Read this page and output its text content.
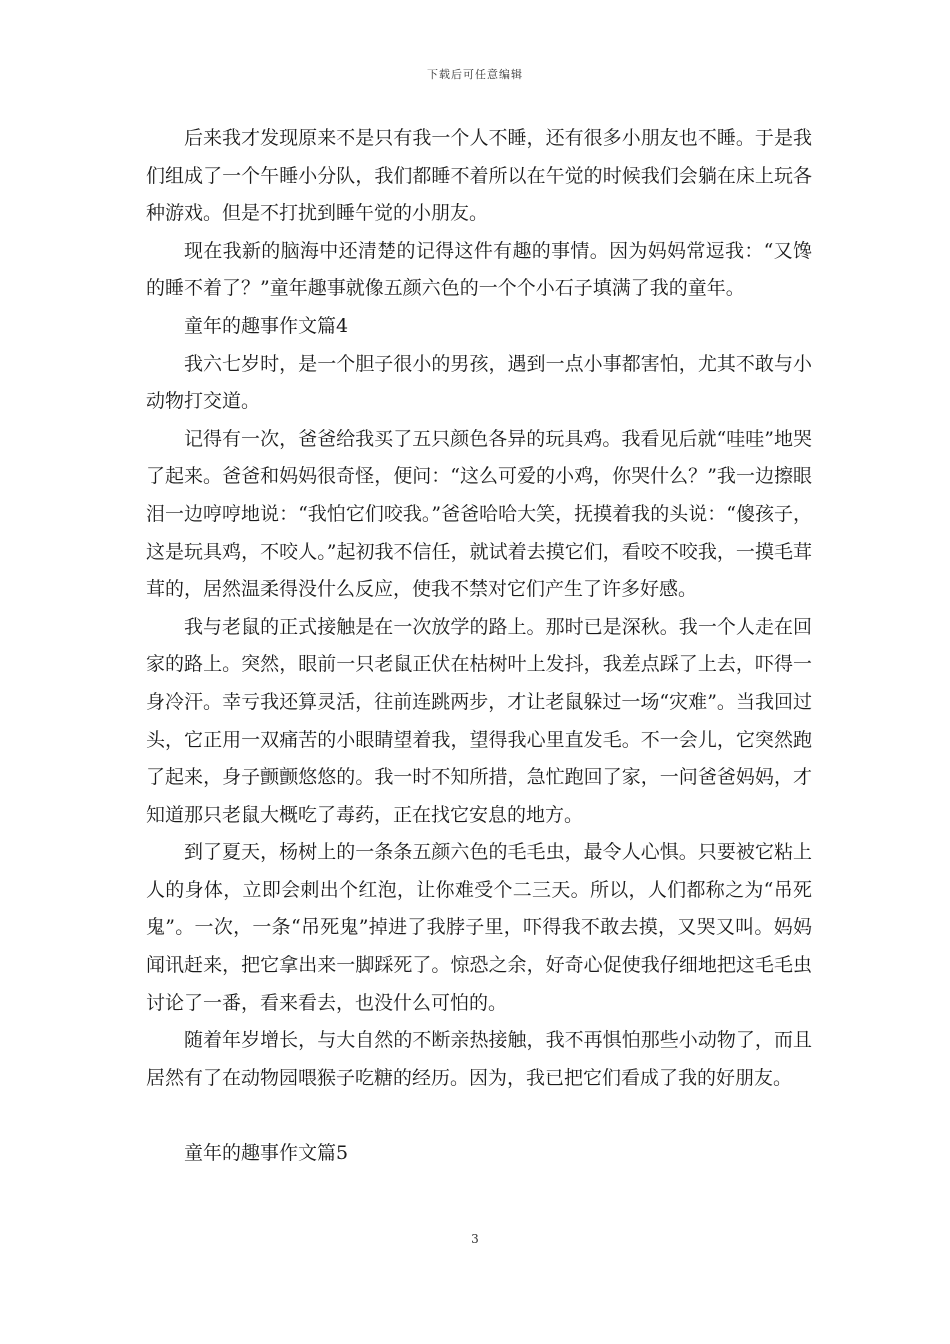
下载后可任意编辑

后来我才发现原来不是只有我一个人不睡，还有很多小朋友也不睡。于是我们组成了一个午睡小分队，我们都睡不着所以在午觉的时候我们会躺在床上玩各种游戏。但是不打扰到睡午觉的小朋友。

现在我新的脑海中还清楚的记得这件有趣的事情。因为妈妈常逗我：“又馋的睡不着了？”童年趣事就像五颜六色的一个个小石子填满了我的童年。

童年的趣事作文篇4

我六七岁时，是一个胆子很小的男孩，遇到一点小事都害怕，尤其不敢与小动物打交道。

记得有一次，爸爸给我买了五只颜色各异的玩具鸡。我看见后就“哇哇”地哭了起来。爸爸和妈妈很奇怪，便问：“这么可爱的小鸡，你哭什么？”我一边擦眼泪一边哼哼地说：“我怕它们咬我。”爸爸哈哈大笑，抚摸着我的头说：“傻孩子，这是玩具鸡，不咬人。”起初我不信任，就试着去摸它们，看咬不咬我，一摸毛茸茸的，居然温柔得没什么反应，使我不禁对它们产生了许多好感。

我与老鼠的正式接触是在一次放学的路上。那时已是深秋。我一个人走在回家的路上。突然，眼前一只老鼠正伏在枯树叶上发抖，我差点踩了上去，吓得一身冷汗。幸亏我还算灵活，往前连跳两步，才让老鼠躲过一场“灾难”。当我回过头，它正用一双痛苦的小眼睛望着我，望得我心里直发毛。不一会儿，它突然跑了起来，身子颤颤悠悠的。我一时不知所措，急忙跑回了家，一问爸爸妈妈，才知道那只老鼠大概吃了毒药，正在找它安息的地方。

到了夏天，杨树上的一条条五颜六色的毛毛虫，最令人心惧。只要被它粘上人的身体，立即会刺出个红泡，让你难受个二三天。所以，人们都称之为“吊死鬼”。一次，一条“吊死鬼”掉进了我脖子里，吓得我不敢去摸，又哭又叫。妈妈闻讯赶来，把它拿出来一脚踩死了。惊恐之余，好奇心促使我仔细地把这毛毛虫讨论了一番，看来看去，也没什么可怕的。

随着年岁增长，与大自然的不断亲热接触，我不再惧怕那些小动物了，而且居然有了在动物园喂猴子吃糖的经历。因为，我已把它们看成了我的好朋友。

童年的趣事作文篇5

3
